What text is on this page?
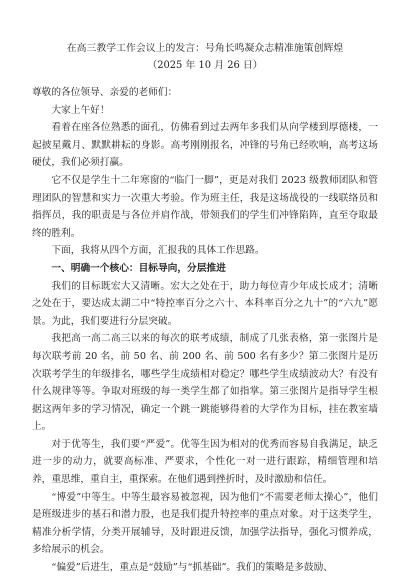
在高三教学工作会议上的发言：号角长鸣凝众志精准施策创辉煌

（2025 年 10 月 26 日）

尊敬的各位领导、亲爱的老师们：

大家上午好！

看着在座各位熟悉的面孔，仿佛看到过去两年多我们从向学楼到厚德楼，一起披星戴月、默默耕耘的身影。高考刚刚报名，冲锋的号角已经吹响，高考这场硬仗，我们必须打赢。

它不仅是学生十二年寒窗的“临门一脚”，更是对我们 2023 级教师团队和管理团队的智慧和实力一次重大考验。作为班主任，我是这场战役的一线联络员和指挥员，我的职责是与各位并肩作战，带领我们的学生们冲锋陷阵，直至夺取最终的胜利。

下面，我将从四个方面，汇报我的具体工作思路。

一、明确一个核心：目标导向，分层推进

我们的目标既宏大又清晰。宏大之处在于，助力每位青少年成长成才；清晰之处在于，要达成太湖二中“特控率百分之六十、本科率百分之九十”的“六九”愿景。为此，我们要进行分层突破。

我把高一高二高三以来的每次的联考成绩，制成了几张表格，第一张图片是每次联考前 20 名，前 50 名、前 200 名、前 500 名有多少？第二张图片是历次联考学生的年级排名，哪些学生成绩相对稳定？哪些学生成绩波动大？有没有什么规律等等。争取对班级的每一类学生都了如指掌。第三张图片是指导学生根据这两年多的学习情况，确定一个跳一跳能够得着的大学作为目标，挂在教室墙上。

对于优等生，我们要“严爱”。优等生因为相对的优秀而容易自我满足，缺乏进一步的动力，就要高标准、严要求，个性化一对一进行跟踪，精细管理和培养，重思维，重自主，重探索。在他们遇到挫折时，及时激励和信任。

“博爱”中等生。中等生最容易被忽视，因为他们“不需要老师太操心”，他们是班级进步的基石和潜力股，也是我们提升特控率的重点对象。对于这类学生，精准分析学情，分类开展辅导，及时跟进反馈，加强学法指导，强化习惯养成，多给展示的机会。

“偏爱”后进生，重点是“鼓励”与“抓基础”。我们的策略是多鼓励、
